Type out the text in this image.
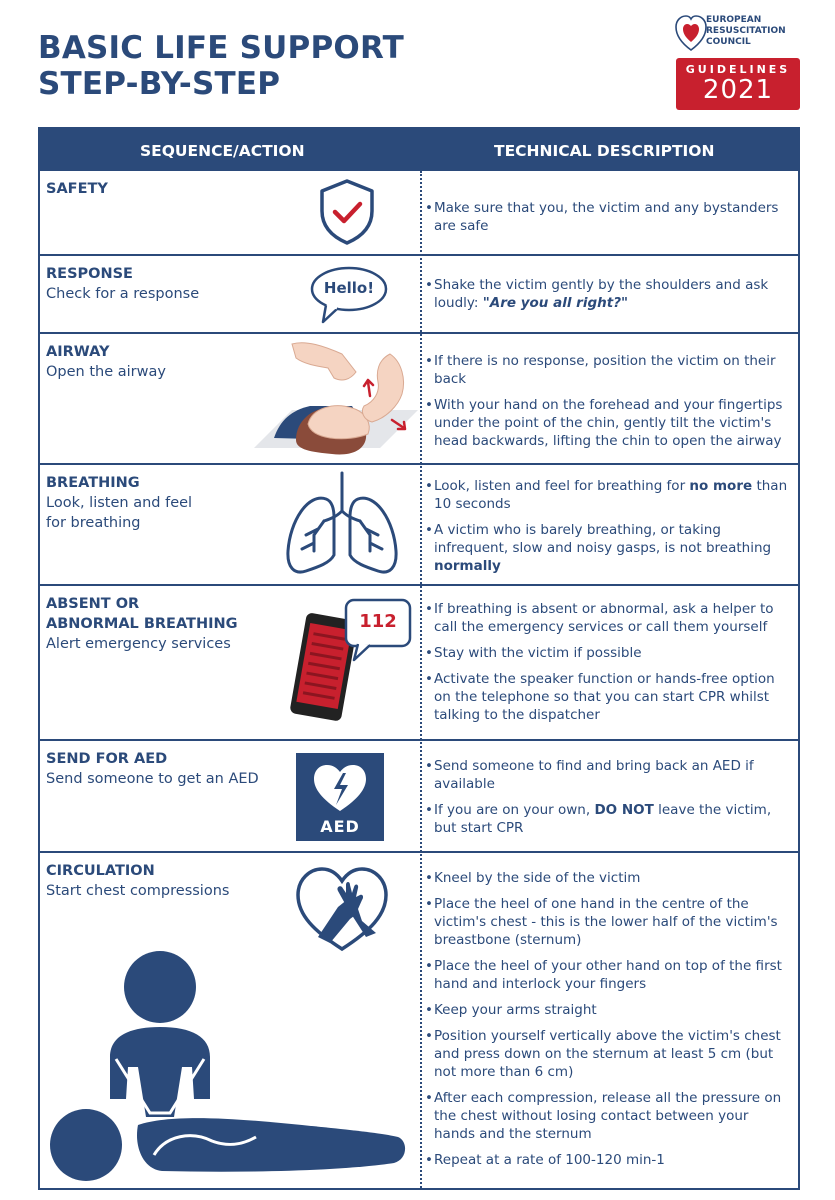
BASIC LIFE SUPPORT
STEP-BY-STEP
EUROPEAN
RESUSCITATION
COUNCIL
GUIDELINES
2021
SEQUENCE/ACTION	TECHNICAL DESCRIPTION
SAFETY
• Make sure that you, the victim and any bystanders are safe
RESPONSE
Check for a response	Hello!
•	Shake the victim gently by the shoulders and ask loudly: "Are you all right?"
AIRWAY
Open the airway
• If there is no response, position the victim on their back
• With your hand on the forehead and your fingertips under the point of the chin, gently tilt the victim's head backwards, lifting the chin to open the airway
BREATHING
Look, listen and feel
for breathing
• Look, listen and feel for breathing for no more than 10 seconds
• A victim who is barely breathing, or taking infrequent, slow and noisy gasps, is not breathing normally
ABSENT OR
ABNORMAL BREATHING
Alert emergency services
112
• If breathing is absent or abnormal, ask a helper to call the emergency services or call them yourself
• Stay with the victim if possible
• Activate the speaker function or hands-free option on the telephone so that you can start CPR whilst talking to the dispatcher
SEND FOR AED
Send someone to get an AED
AED
• Send someone to find and bring back an AED if available
• If you are on your own, DO NOT leave the victim, but start CPR
CIRCULATION
Start chest compressions
• Kneel by the side of the victim
• Place the heel of one hand in the centre of the victim's chest - this is the lower half of the victim's breastbone (sternum)
• Place the heel of your other hand on top of the first hand and interlock your fingers
• Keep your arms straight
• Position yourself vertically above the victim's chest and press down on the sternum at least 5 cm (but not more than 6 cm)
• After each compression, release all the pressure on the chest without losing contact between your hands and the sternum
• Repeat at a rate of 100-120 min-1
